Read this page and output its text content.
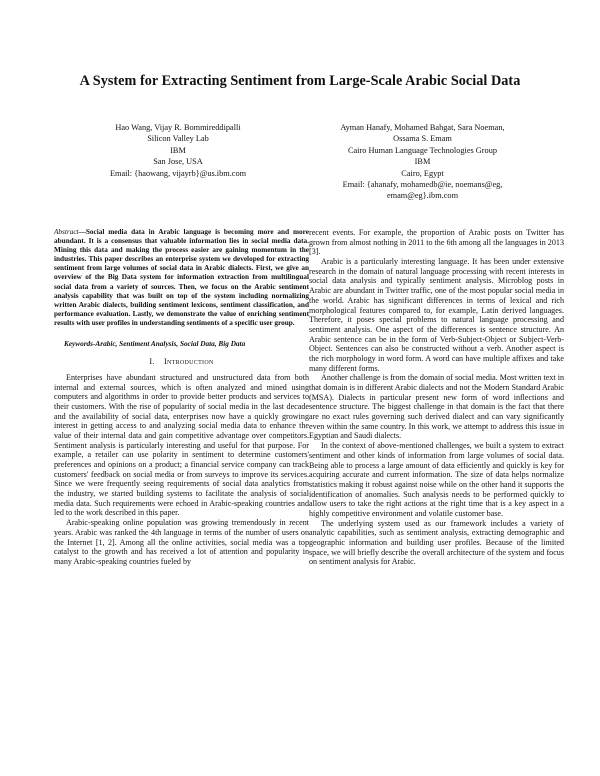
A System for Extracting Sentiment from Large-Scale Arabic Social Data
Hao Wang, Vijay R. Bommireddipalli
Silicon Valley Lab
IBM
San Jose, USA
Email: {haowang, vijayrb}@us.ibm.com
Ayman Hanafy, Mohamed Bahgat, Sara Noeman,
Ossama S. Emam
Cairo Human Language Technologies Group
IBM
Cairo, Egypt
Email: {ahanafy, mohamedb@ie, noemans@eg,
emam@eg}.ibm.com
Abstract—Social media data in Arabic language is becoming more and more abundant. It is a consensus that valuable information lies in social media data. Mining this data and making the process easier are gaining momentum in the industries. This paper describes an enterprise system we developed for extracting sentiment from large volumes of social data in Arabic dialects. First, we give an overview of the Big Data system for information extraction from multilingual social data from a variety of sources. Then, we focus on the Arabic sentiment analysis capability that was built on top of the system including normalizing written Arabic dialects, building sentiment lexicons, sentiment classification, and performance evaluation. Lastly, we demonstrate the value of enriching sentiment results with user profiles in understanding sentiments of a specific user group.
Keywords-Arabic, Sentiment Analysis, Social Data, Big Data
I. Introduction

Enterprises have abundant structured and unstructured data from both internal and external sources, which is often analyzed and mined using computers and algorithms in order to provide better products and services to their customers. With the rise of popularity of social media in the last decade and the availability of social data, enterprises now have a quickly growing interest in getting access to and analyzing social media data to enhance the value of their internal data and gain competitive advantage over competitors. Sentiment analysis is particularly interesting and useful for that purpose. For example, a retailer can use polarity in sentiment to determine customers' preferences and opinions on a product; a financial service company can track customers' feedback on social media or from surveys to improve its services. Since we were frequently seeing requirements of social data analytics from the industry, we started building systems to facilitate the analysis of social media data. Such requirements were echoed in Arabic-speaking countries and led to the work described in this paper.

Arabic-speaking online population was growing tremendously in recent years. Arabic was ranked the 4th language in terms of the number of users on the Internet [1, 2]. Among all the online activities, social media was a top catalyst to the growth and has received a lot of attention and popularity in many Arabic-speaking countries fueled by

recent events. For example, the proportion of Arabic posts on Twitter has grown from almost nothing in 2011 to the 6th among all the languages in 2013 [3].

Arabic is a particularly interesting language. It has been under extensive research in the domain of natural language processing with recent interests in social data analysis and typically sentiment analysis. Microblog posts in Arabic are abundant in Twitter traffic, one of the most popular social media in the world. Arabic has significant differences in terms of lexical and rich morphological features compared to, for example, Latin derived languages. Therefore, it poses special problems to natural language processing and sentiment analysis. One aspect of the differences is sentence structure. An Arabic sentence can be in the form of Verb-Subject-Object or Subject-Verb-Object. Sentences can also be constructed without a verb. Another aspect is the rich morphology in word form. A word can have multiple affixes and take many different forms.

Another challenge is from the domain of social media. Most written text in that domain is in different Arabic dialects and not the Modern Standard Arabic (MSA). Dialects in particular present new form of word inflections and sentence structure. The biggest challenge in that domain is the fact that there are no exact rules governing such derived dialect and can vary significantly even within the same country. In this work, we attempt to address this issue in Egyptian and Saudi dialects.

In the context of above-mentioned challenges, we built a system to extract sentiment and other kinds of information from large volumes of social data. Being able to process a large amount of data efficiently and quickly is key for acquiring accurate and current information. The size of data helps normalize statistics making it robust against noise while on the other hand it supports the identification of anomalies. Such analysis needs to be performed quickly to allow users to take the right actions at the right time that is a key aspect in a highly competitive environment and volatile customer base.

The underlying system used as our framework includes a variety of analytic capabilities, such as sentiment analysis, extracting demographic and geographic information and building user profiles. Because of the limited space, we will briefly describe the overall architecture of the system and focus on sentiment analysis for Arabic.
